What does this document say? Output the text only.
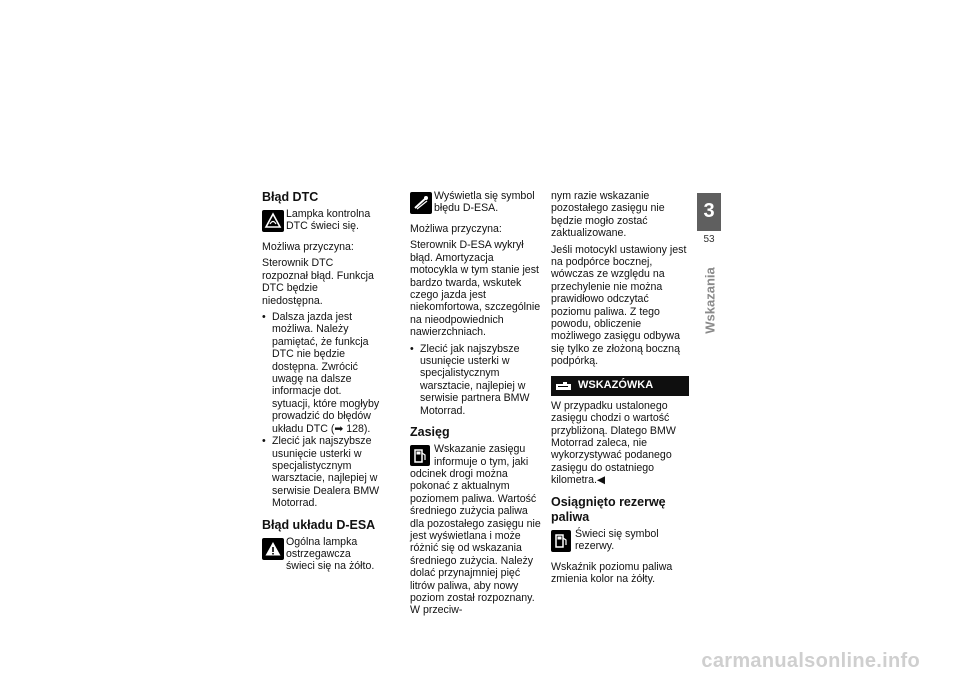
Błąd DTC
Lampka kontrolna DTC świeci się.

Możliwa przyczyna:

Sterownik DTC rozpoznał błąd. Funkcja DTC będzie niedostępna.

• Dalsza jazda jest możliwa. Należy pamiętać, że funkcja DTC nie będzie dostępna. Zwrócić uwagę na dalsze informacje dot. sytuacji, które mogłyby prowadzić do błędów układu DTC (➡ 128).
• Zlecić jak najszybsze usunięcie usterki w specjalistycznym warsztacie, najlepiej w serwisie Dealera BMW Motorrad.
Błąd układu D-ESA
Ogólna lampka ostrzegawcza świeci się na żółto.
Wyświetla się symbol błędu D-ESA.

Możliwa przyczyna:

Sterownik D-ESA wykrył błąd. Amortyzacja motocykla w tym stanie jest bardzo twarda, wskutek czego jazda jest niekomfortowa, szczególnie na nieodpowiednich nawierzchniach.

• Zlecić jak najszybsze usunięcie usterki w specjalistycznym warsztacie, najlepiej w serwisie partnera BMW Motorrad.
Zasięg

Wskazanie zasięgu informuje o tym, jaki odcinek drogi można pokonać z aktualnym poziomem paliwa. Wartość średniego zużycia paliwa dla pozostałego zasięgu nie jest wyświetlana i może różnić się od wskazania średniego zużycia. Należy dolać przynajmniej pięć litrów paliwa, aby nowy poziom został rozpoznany. W przeciw-

nym razie wskazanie pozostałego zasięgu nie będzie mogło zostać zaktualizowane.

Jeśli motocykl ustawiony jest na podpórce bocznej, wówczas ze względu na przechylenie nie można prawidłowo odczytać poziomu paliwa. Z tego powodu, obliczenie możliwego zasięgu odbywa się tylko ze złożoną boczną podpórką.

WSKAZÓWKA

W przypadku ustalonego zasięgu chodzi o wartość przybliżoną. Dlatego BMW Motorrad zaleca, nie wykorzystywać podanego zasięgu do ostatniego kilometra.◀

Osiągnięto rezerwę paliwa
Świeci się symbol rezerwy.

Wskaźnik poziomu paliwa zmienia kolor na żółty.

3
53
Wskazania
carmanualsonline.info
